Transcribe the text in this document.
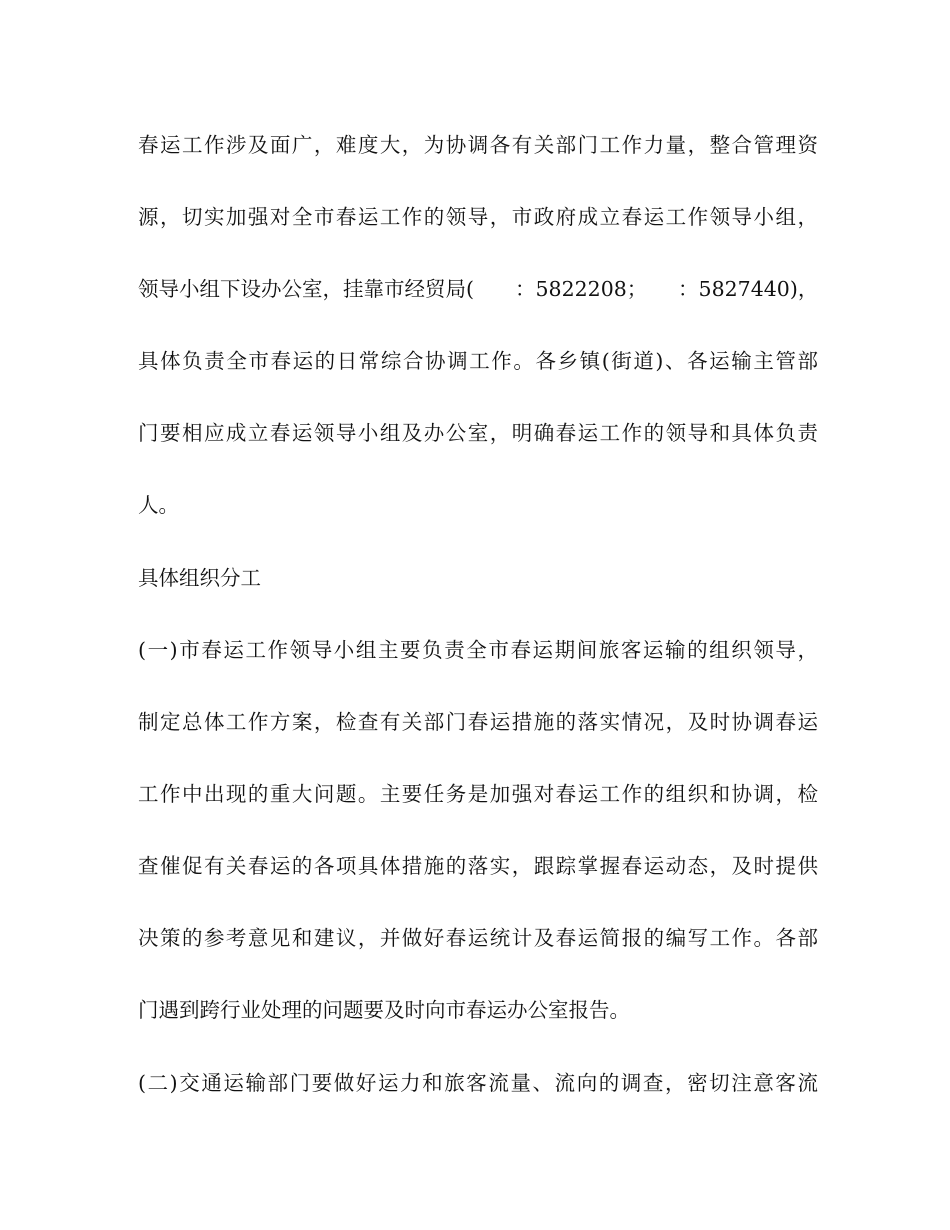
春运工作涉及面广，难度大，为协调各有关部门工作力量，整合管理资
源，切实加强对全市春运工作的领导，市政府成立春运工作领导小组，
领导小组下设办公室，挂靠市经贸局(　　：5822208；　　：5827440)，
具体负责全市春运的日常综合协调工作。各乡镇(街道)、各运输主管部
门要相应成立春运领导小组及办公室，明确春运工作的领导和具体负责
人。
具体组织分工
(一)市春运工作领导小组主要负责全市春运期间旅客运输的组织领导，
制定总体工作方案，检查有关部门春运措施的落实情况，及时协调春运
工作中出现的重大问题。主要任务是加强对春运工作的组织和协调，检
查催促有关春运的各项具体措施的落实，跟踪掌握春运动态，及时提供
决策的参考意见和建议，并做好春运统计及春运简报的编写工作。各部
门遇到跨行业处理的问题要及时向市春运办公室报告。
(二)交通运输部门要做好运力和旅客流量、流向的调查，密切注意客流
